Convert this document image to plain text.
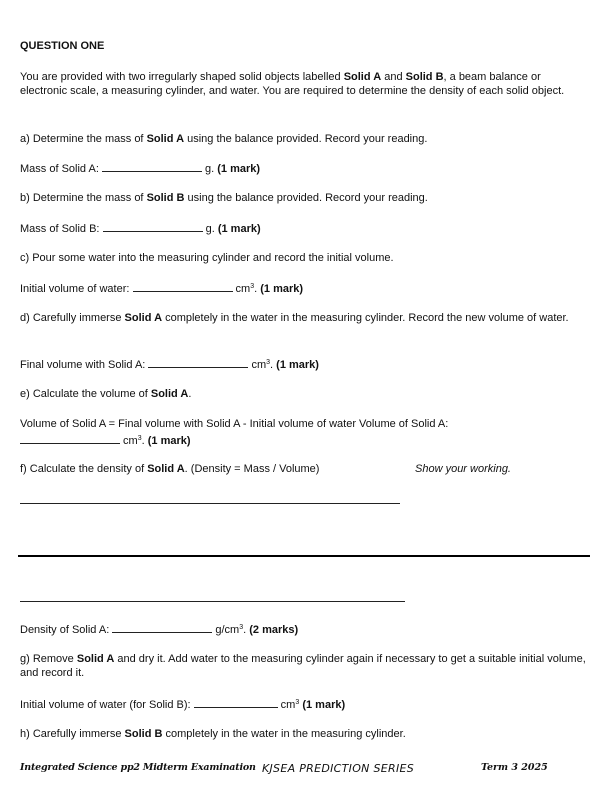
QUESTION ONE
You are provided with two irregularly shaped solid objects labelled Solid A and Solid B, a beam balance or electronic scale, a measuring cylinder, and water. You are required to determine the density of each solid object.
a) Determine the mass of Solid A using the balance provided. Record your reading.
Mass of Solid A:	g. (1 mark)
b) Determine the mass of Solid B using the balance provided. Record your reading.
Mass of Solid B:	g. (1 mark)
c) Pour some water into the measuring cylinder and record the initial volume.
Initial volume of water:	$cm^3$. (1 mark)
d) Carefully immerse Solid A completely in the water in the measuring cylinder. Record the new volume of water.
Final volume with Solid A:	$cm^3$. (1 mark)
e) Calculate the volume of Solid A.
Volume of Solid A = Final volume with Solid A - Initial volume of water Volume of Solid A:
$cm^3$. (1 mark)
f) Calculate the density of Solid A. (Density = Mass / Volume)	Show your working.
Density of Solid A:	$g/cm^3$. (2 marks)
g) Remove Solid A and dry it. Add water to the measuring cylinder again if necessary to get a suitable initial volume, and record it.
Initial volume of water (for Solid B):	$cm^3$ (1 mark)
h) Carefully immerse Solid B completely in the water in the measuring cylinder.
Integrated Science pp2 Midterm Examination KJSEA PREDICTION SERIES	Term 3 2025
